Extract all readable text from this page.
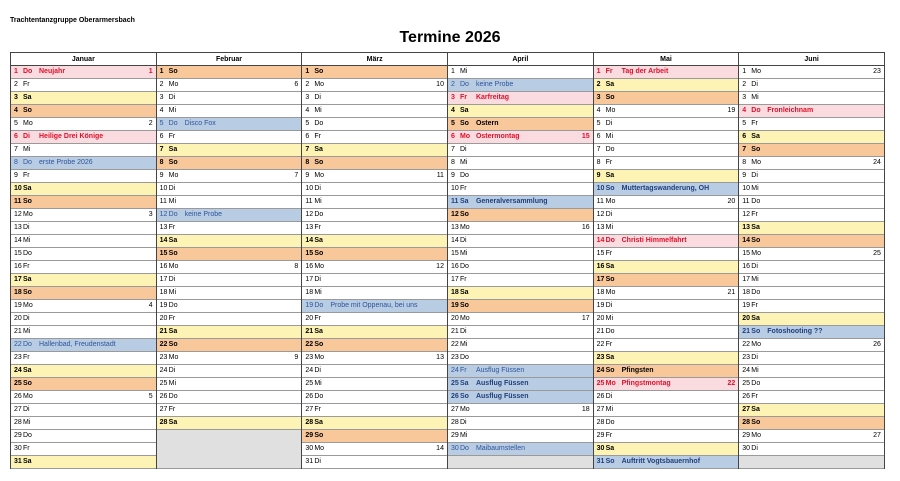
Trachtentanzgruppe Oberarmersbach
Termine 2026
Januar
1 Do Neujahr	1
2 Fr
3 Sa
4 So
5 Mo	2
6 Di Heilige Drei Könige
7 Mi
8 Do erste Probe 2026
9 Fr
10Sa
11 So
12Mo	3
13Di
14Mi
15Do
16Fr
17Sa
18So
19Mo	4
20Di
21Mi
22Do Hallenbad, Freudenstadt
23Fr
24Sa
25So
26Mo	5
27Di
28Mi
29Do
30Fr
31Sa
Februar
1 So
2 Mo	6
3 Di
4 Mi
5 Do Disco Fox
6 Fr
7 Sa
8 So
9 Mo	7
10Di
11 Mi
12Do keine Probe
13Fr
14Sa
15So
16Mo	8
17Di
18Mi
19Do
20Fr
21Sa
22So
23Mo	9
24Di
25Mi
26Do
27Fr
28Sa
März
1 So
2 Mo	10
3 Di
4 Mi
5 Do
6 Fr
7 Sa
8 So
9 Mo	11
10Di
11 Mi
12Do
13Fr
14Sa
15So
16Mo	12
17Di
18Mi
19Do Probe mit Oppenau, bei uns
20Fr
21Sa
22So
23Mo	13
24Di
25Mi
26Do
27Fr
28Sa
29So
30Mo	14
31Di
April
1 Mi
2 Do keine Probe
3 Fr Karfreitag
4 Sa
5 So Ostern
6 Mo Ostermontag	15
7 Di
8 Mi
9 Do
10Fr
11 Sa Generalversammlung
12So
13Mo	16
14Di
15Mi
16Do
17Fr
18Sa
19So
20Mo	17
21Di
22Mi
23Do
24Fr Ausflug Füssen
25Sa Ausflug Füssen
26So Ausflug Füssen
27Mo	18
28Di
29Mi
30Do Maibaumstellen
Mai
1 Fr Tag der Arbeit
2 Sa
3 So
4 Mo	19
5 Di
6 Mi
7 Do
8 Fr
9 Sa
10So Muttertagswanderung, OH
11 Mo	20
12Di
13Mi
14Do Christi Himmelfahrt
15Fr
16Sa
17So
18Mo	21
19Di
20Mi
21Do
22Fr
23Sa
24So Pfingsten
25Mo Pfingstmontag	22
26Di
27Mi
28Do
29Fr
30Sa
31So Auftritt Vogtsbauernhof
Juni
1 Mo	23
2 Di
3 Mi
4 Do Fronleichnam
5 Fr
6 Sa
7 So
8 Mo	24
9 Di
10Mi
11 Do
12Fr
13Sa
14So
15Mo	25
16Di
17Mi
18Do
19Fr
20Sa
21So Fotoshooting ??
22Mo	26
23Di
24Mi
25Do
26Fr
27Sa
28So
29Mo	27
30Di
